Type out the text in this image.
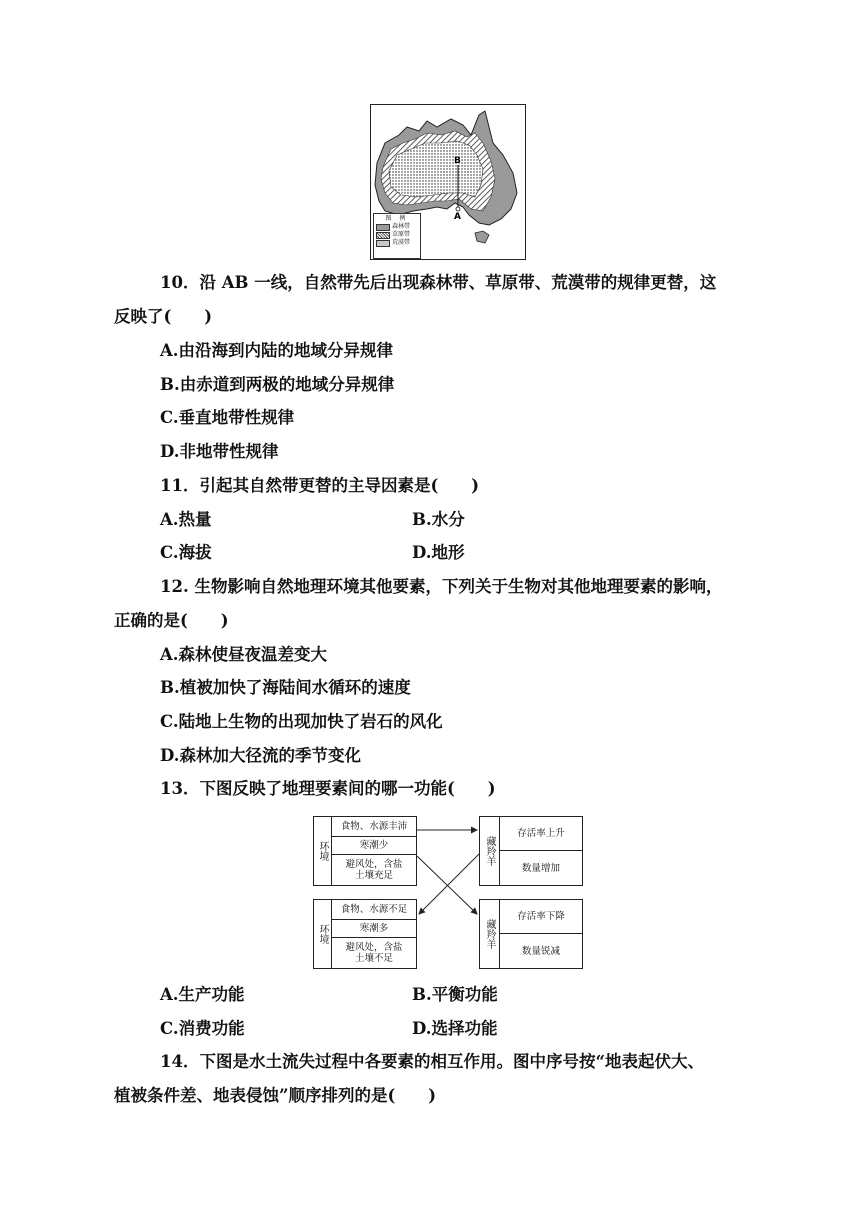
B
A
图 例
森林带
草原带
荒漠带
10．沿 AB 一线，自然带先后出现森林带、草原带、荒漠带的规律更替，这
反映了(　　)
A.由沿海到内陆的地域分异规律
B.由赤道到两极的地域分异规律
C.垂直地带性规律
D.非地带性规律
11．引起其自然带更替的主导因素是(　　)
A.热量	B.水分
C.海拔	D.地形
12. 生物影响自然地理环境其他要素，下列关于生物对其他地理要素的影响，
正确的是(　　)
A.森林使昼夜温差变大
B.植被加快了海陆间水循环的速度
C.陆地上生物的出现加快了岩石的风化
D.森林加大径流的季节变化
13．下图反映了地理要素间的哪一功能(　　)
环境
食物、水源丰沛
寒潮少
避风处，含盐
土壤充足
环境
食物、水源不足
寒潮多
避风处，含盐
土壤不足
藏羚羊
存活率上升
数量增加
藏羚羊
存活率下降
数量锐减
A.生产功能	B.平衡功能
C.消费功能	D.选择功能
14．下图是水土流失过程中各要素的相互作用。图中序号按“地表起伏大、
植被条件差、地表侵蚀”顺序排列的是(　　)
